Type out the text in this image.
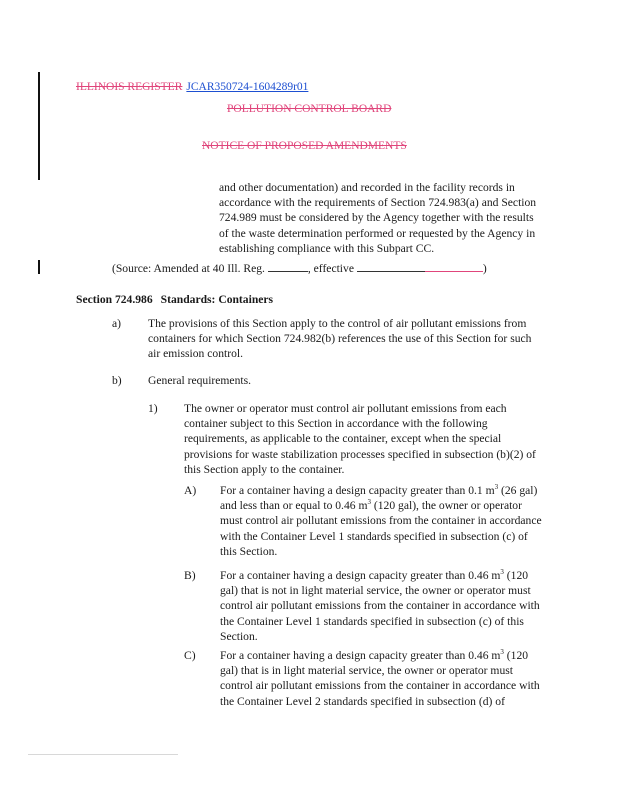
ILLINOIS REGISTER JCAR350724-1604289r01
POLLUTION CONTROL BOARD
NOTICE OF PROPOSED AMENDMENTS
and other documentation) and recorded in the facility records in accordance with the requirements of Section 724.983(a) and Section 724.989 must be considered by the Agency together with the results of the waste determination performed or requested by the Agency in establishing compliance with this Subpart CC.
(Source: Amended at 40 Ill. Reg.	, effective	)
Section 724.986 Standards: Containers
a) The provisions of this Section apply to the control of air pollutant emissions from containers for which Section 724.982(b) references the use of this Section for such air emission control.
b) General requirements.
1) The owner or operator must control air pollutant emissions from each container subject to this Section in accordance with the following requirements, as applicable to the container, except when the special provisions for waste stabilization processes specified in subsection (b)(2) of this Section apply to the container.
A) For a container having a design capacity greater than 0.1 $m^3$ (26 gal) and less than or equal to 0.46 $m^3$ (120 gal), the owner or operator must control air pollutant emissions from the container in accordance with the Container Level 1 standards specified in subsection (c) of this Section.
B) For a container having a design capacity greater than 0.46 $m^3$ (120 gal) that is not in light material service, the owner or operator must control air pollutant emissions from the container in accordance with the Container Level 1 standards specified in subsection (c) of this Section.
C) For a container having a design capacity greater than 0.46 $m^3$ (120 gal) that is in light material service, the owner or operator must control air pollutant emissions from the container in accordance with the Container Level 2 standards specified in subsection (d) of
